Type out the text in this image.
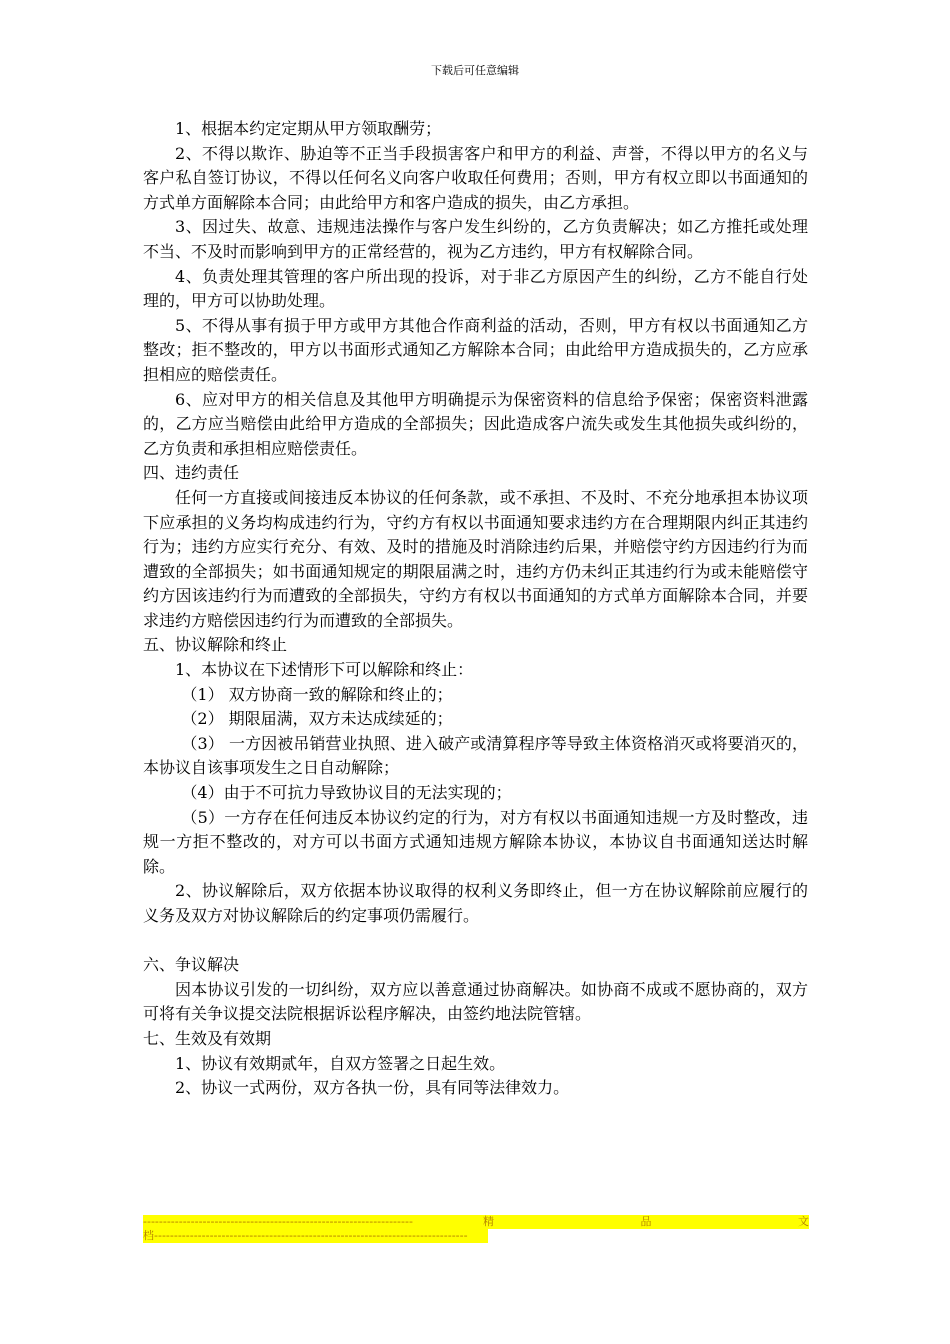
下载后可任意编辑

1、根据本约定定期从甲方领取酬劳；

2、不得以欺诈、胁迫等不正当手段损害客户和甲方的利益、声誉，不得以甲方的名义与客户私自签订协议，不得以任何名义向客户收取任何费用；否则，甲方有权立即以书面通知的方式单方面解除本合同；由此给甲方和客户造成的损失，由乙方承担。

3、因过失、故意、违规违法操作与客户发生纠纷的，乙方负责解决；如乙方推托或处理不当、不及时而影响到甲方的正常经营的，视为乙方违约，甲方有权解除合同。

4、负责处理其管理的客户所出现的投诉，对于非乙方原因产生的纠纷，乙方不能自行处理的，甲方可以协助处理。

5、不得从事有损于甲方或甲方其他合作商利益的活动，否则，甲方有权以书面通知乙方整改；拒不整改的，甲方以书面形式通知乙方解除本合同；由此给甲方造成损失的，乙方应承担相应的赔偿责任。

6、应对甲方的相关信息及其他甲方明确提示为保密资料的信息给予保密；保密资料泄露的，乙方应当赔偿由此给甲方造成的全部损失；因此造成客户流失或发生其他损失或纠纷的，乙方负责和承担相应赔偿责任。

四、违约责任

任何一方直接或间接违反本协议的任何条款，或不承担、不及时、不充分地承担本协议项下应承担的义务均构成违约行为，守约方有权以书面通知要求违约方在合理期限内纠正其违约行为；违约方应实行充分、有效、及时的措施及时消除违约后果，并赔偿守约方因违约行为而遭致的全部损失；如书面通知规定的期限届满之时，违约方仍未纠正其违约行为或未能赔偿守约方因该违约行为而遭致的全部损失，守约方有权以书面通知的方式单方面解除本合同，并要求违约方赔偿因违约行为而遭致的全部损失。

五、协议解除和终止

1、本协议在下述情形下可以解除和终止：

（1） 双方协商一致的解除和终止的；

（2） 期限届满，双方未达成续延的；

（3） 一方因被吊销营业执照、进入破产或清算程序等导致主体资格消灭或将要消灭的，本协议自该事项发生之日自动解除；

（4）由于不可抗力导致协议目的无法实现的；

（5）一方存在任何违反本协议约定的行为，对方有权以书面通知违规一方及时整改，违规一方拒不整改的，对方可以书面方式通知违规方解除本协议，本协议自书面通知送达时解除。

2、协议解除后，双方依据本协议取得的权利义务即终止，但一方在协议解除前应履行的义务及双方对协议解除后的约定事项仍需履行。

六、争议解决

因本协议引发的一切纠纷，双方应以善意通过协商解决。如协商不成或不愿协商的，双方可将有关争议提交法院根据诉讼程序解决，由签约地法院管辖。

七、生效及有效期

1、协议有效期贰年，自双方签署之日起生效。

2、协议一式两份，双方各执一份，具有同等法律效力。

--------------------------------------------------------------------	精	品	文
档-------------------------------------------------------------------------------
